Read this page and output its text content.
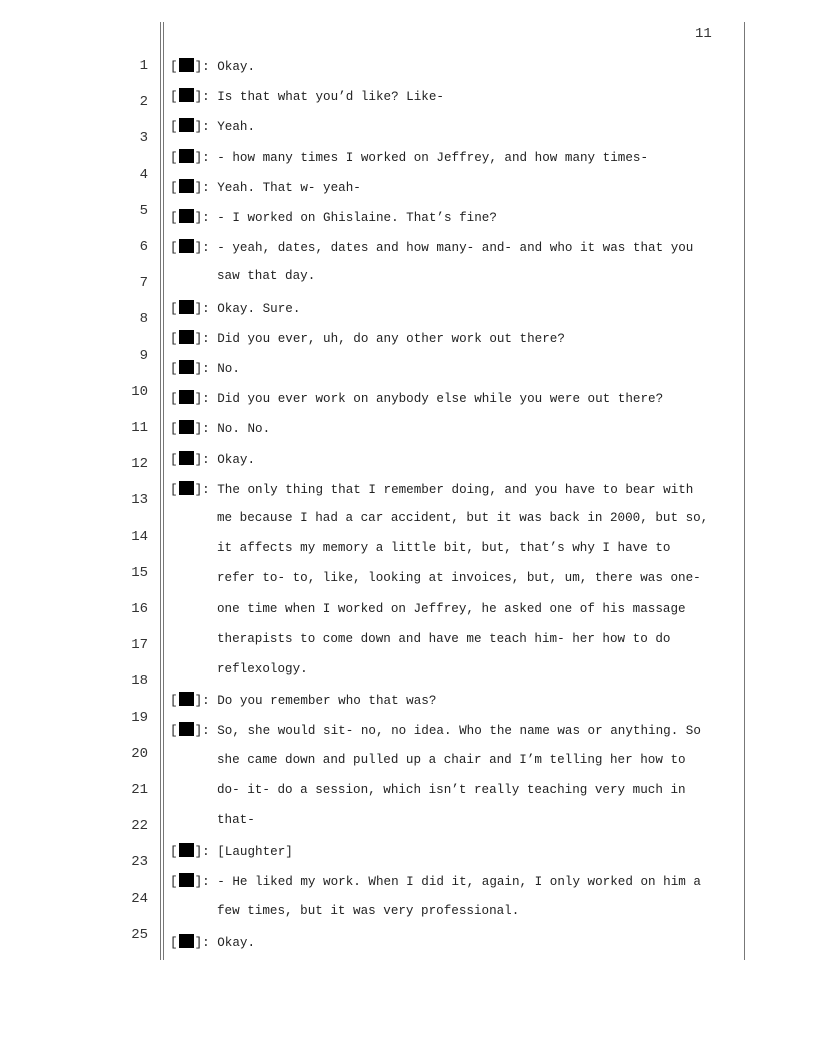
11
1
2
3
4
5
6
7
8
9
10
11
12
13
14
15
16
17
18
19
20
21
22
23
24
25
[ ]: Okay.
[ ]: Is that what you’d like? Like-
[ ]: Yeah.
[ ]: - how many times I worked on Jeffrey, and how many times-
[ ]: Yeah. That w- yeah-
[ ]: - I worked on Ghislaine. That’s fine?
[ ]: - yeah, dates, dates and how many- and- and who it was that you
saw that day.
[ ]: Okay. Sure.
[ ]: Did you ever, uh, do any other work out there?
[ ]: No.
[ ]: Did you ever work on anybody else while you were out there?
[ ]: No. No.
[ ]: Okay.
[ ]: The only thing that I remember doing, and you have to bear with
me because I had a car accident, but it was back in 2000, but so,
it affects my memory a little bit, but, that’s why I have to
refer to- to, like, looking at invoices, but, um, there was one-
one time when I worked on Jeffrey, he asked one of his massage
therapists to come down and have me teach him- her how to do
reflexology.
[ ]: Do you remember who that was?
[ ]: So, she would sit- no, no idea. Who the name was or anything. So
she came down and pulled up a chair and I’m telling her how to
do- it- do a session, which isn’t really teaching very much in
that-
[ ]: [Laughter]
[ ]: - He liked my work. When I did it, again, I only worked on him a
few times, but it was very professional.
[ ]: Okay.
